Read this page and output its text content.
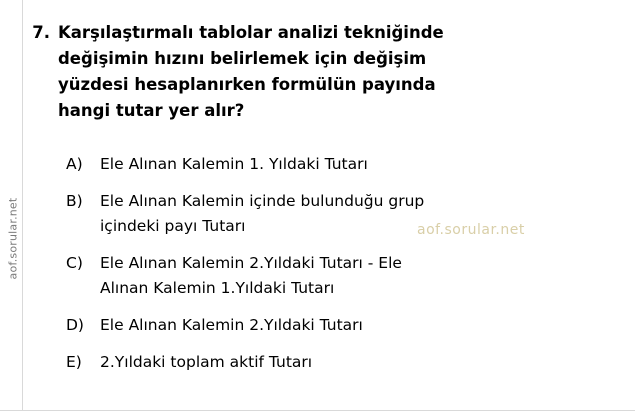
aof.sorular.net
7. Karşılaştırmalı tablolar analizi tekniğinde
değişimin hızını belirlemek için değişim
yüzdesi hesaplanırken formülün payında
hangi tutar yer alır?
A)	Ele Alınan Kalemin 1. Yıldaki Tutarı
B)	Ele Alınan Kalemin içinde bulunduğu grup
içindeki payı Tutarı
C)	Ele Alınan Kalemin 2.Yıldaki Tutarı - Ele
Alınan Kalemin 1.Yıldaki Tutarı
D)	Ele Alınan Kalemin 2.Yıldaki Tutarı
E)	2.Yıldaki toplam aktif Tutarı
aof.sorular.net
